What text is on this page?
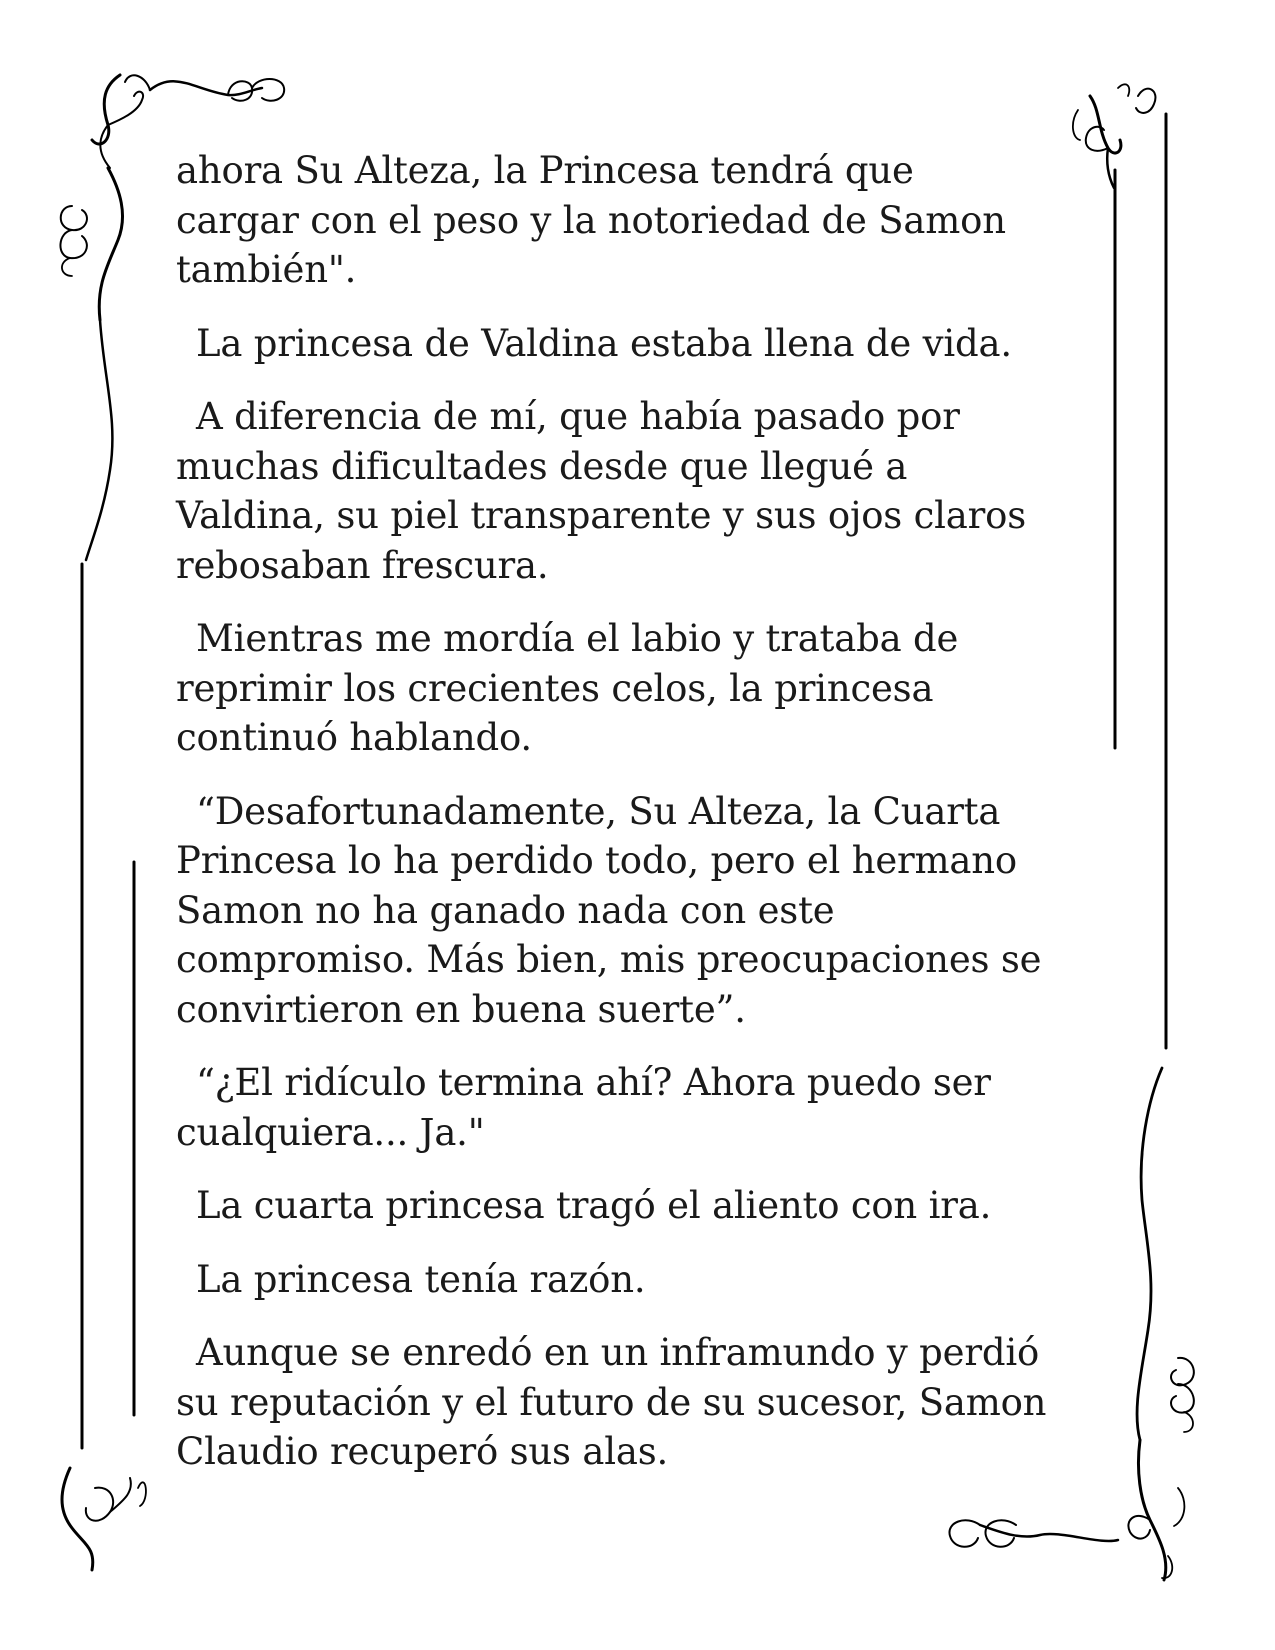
ahora Su Alteza, la Princesa tendrá que
cargar con el peso y la notoriedad de Samon
también".
La princesa de Valdina estaba llena de vida.
A diferencia de mí, que había pasado por
muchas dificultades desde que llegué a
Valdina, su piel transparente y sus ojos claros
rebosaban frescura.
Mientras me mordía el labio y trataba de
reprimir los crecientes celos, la princesa
continuó hablando.
“Desafortunadamente, Su Alteza, la Cuarta
Princesa lo ha perdido todo, pero el hermano
Samon no ha ganado nada con este
compromiso. Más bien, mis preocupaciones se
convirtieron en buena suerte”.
“¿El ridículo termina ahí? Ahora puedo ser
cualquiera... Ja."
La cuarta princesa tragó el aliento con ira.
La princesa tenía razón.
Aunque se enredó en un inframundo y perdió
su reputación y el futuro de su sucesor, Samon
Claudio recuperó sus alas.
